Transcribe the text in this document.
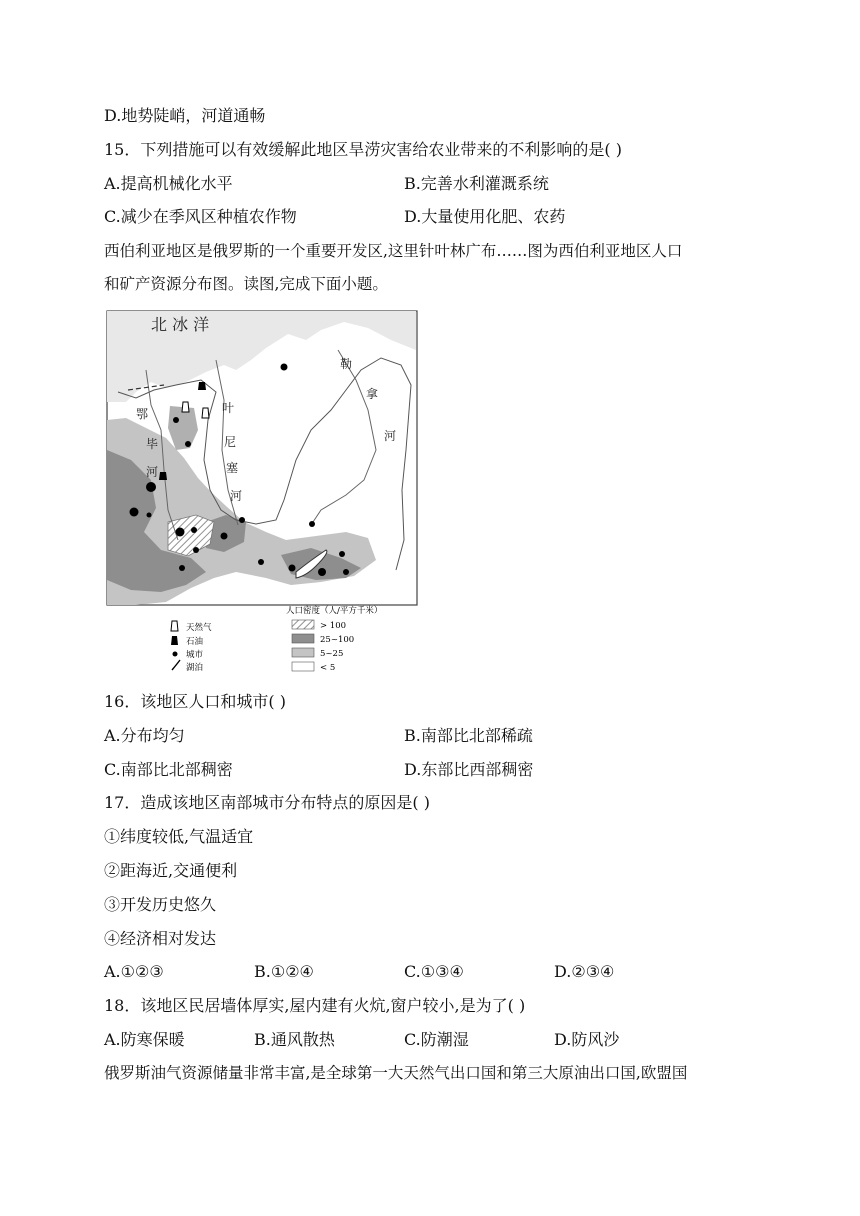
D.地势陡峭，河道通畅
15．下列措施可以有效缓解此地区旱涝灾害给农业带来的不利影响的是( )
A.提高机械化水平	B.完善水利灌溉系统
C.减少在季风区种植农作物	D.大量使用化肥、农药
西伯利亚地区是俄罗斯的一个重要开发区,这里针叶林广布……图为西伯利亚地区人口
和矿产资源分布图。读图,完成下面小题。
北 冰 洋
鄂
毕
河
叶
尼
塞
河
勒
拿
河
天然气
石油
城市
湖泊
人口密度（人/平方千米）
> 100
25~100
5~25
< 5
16．该地区人口和城市( )
A.分布均匀	B.南部比北部稀疏
C.南部比北部稠密	D.东部比西部稠密
17．造成该地区南部城市分布特点的原因是( )
①纬度较低,气温适宜
②距海近,交通便利
③开发历史悠久
④经济相对发达
A.①②③	B.①②④	C.①③④	D.②③④
18．该地区民居墙体厚实,屋内建有火炕,窗户较小,是为了( )
A.防寒保暖	B.通风散热	C.防潮湿	D.防风沙
俄罗斯油气资源储量非常丰富,是全球第一大天然气出口国和第三大原油出口国,欧盟国
